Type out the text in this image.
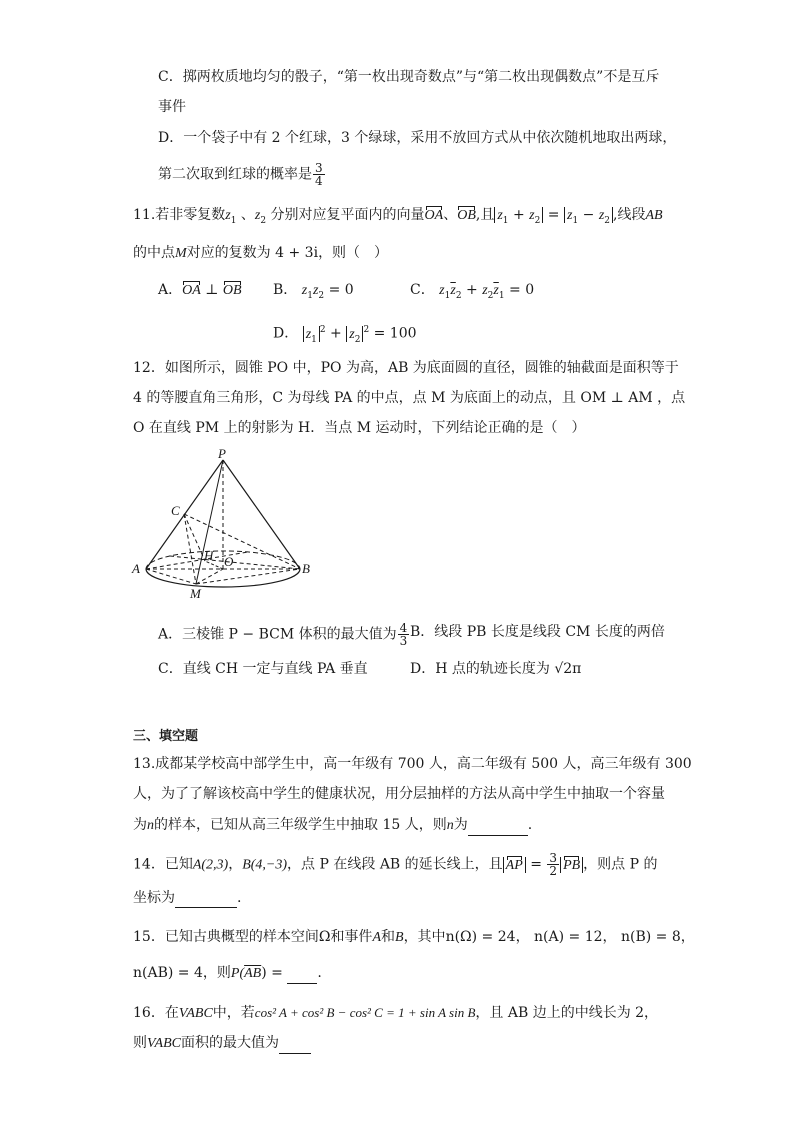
C．掷两枚质地均匀的骰子，“第一枚出现奇数点”与“第二枚出现偶数点”不是互斥
事件
D．一个袋子中有 2 个红球，3 个绿球，采用不放回方式从中依次随机地取出两球，
第二次取到红球的概率是 $\frac{3}{4}$
11.若非零复数$z_1$ 、$z_2$ 分别对应复平面内的向量OA、OB,且 $z_1 + z_2 = z_1 - z_2$ ,线段AB
的中点M对应的复数为 4 + 3i，则（　）
A．OA ⊥ OB B． $z_1z_2 = 0$	C． $z_1\overline{z}_2 + z_2\overline{z}_1 = 0$
D． $z_1^2 + z_2^2 = 100$
12．如图所示，圆锥 PO 中，PO 为高，AB 为底面圆的直径，圆锥的轴截面是面积等于
4 的等腰直角三角形，C 为母线 PA 的中点，点 M 为底面上的动点，且 OM ⊥ AM ，点
O 在直线 PM 上的射影为 H．当点 M 运动时，下列结论正确的是（　）
P
C
H O
A	B
M
A．三棱锥 P − BCM 体积的最大值为 $\frac{4}{3}$ B．线段 PB 长度是线段 CM 长度的两倍
C．直线 CH 一定与直线 PA 垂直	D．H 点的轨迹长度为 √2π
三、填空题
13.成都某学校高中部学生中，高一年级有 700 人，高二年级有 500 人，高三年级有 300
人，为了了解该校高中学生的健康状况，用分层抽样的方法从高中学生中抽取一个容量
为n的样本，已知从高三年级学生中抽取 15 人，则n为	.
14．已知A(2,3)，B(4,−3)，点 P 在线段 AB 的延长线上，且 AP = $\frac{3}{2}$ PB ，则点 P 的
坐标为	.
15．已知古典概型的样本空间Ω和事件A和B，其中n(Ω) = 24， n(A) = 12， n(B) = 8，
n(AB) = 4，则$P(\overline{AB})$ = .
16．在VABC中，若cos² A + cos² B − cos² C = 1 + sin A sin B，且 AB 边上的中线长为 2，
则VABC面积的最大值为
